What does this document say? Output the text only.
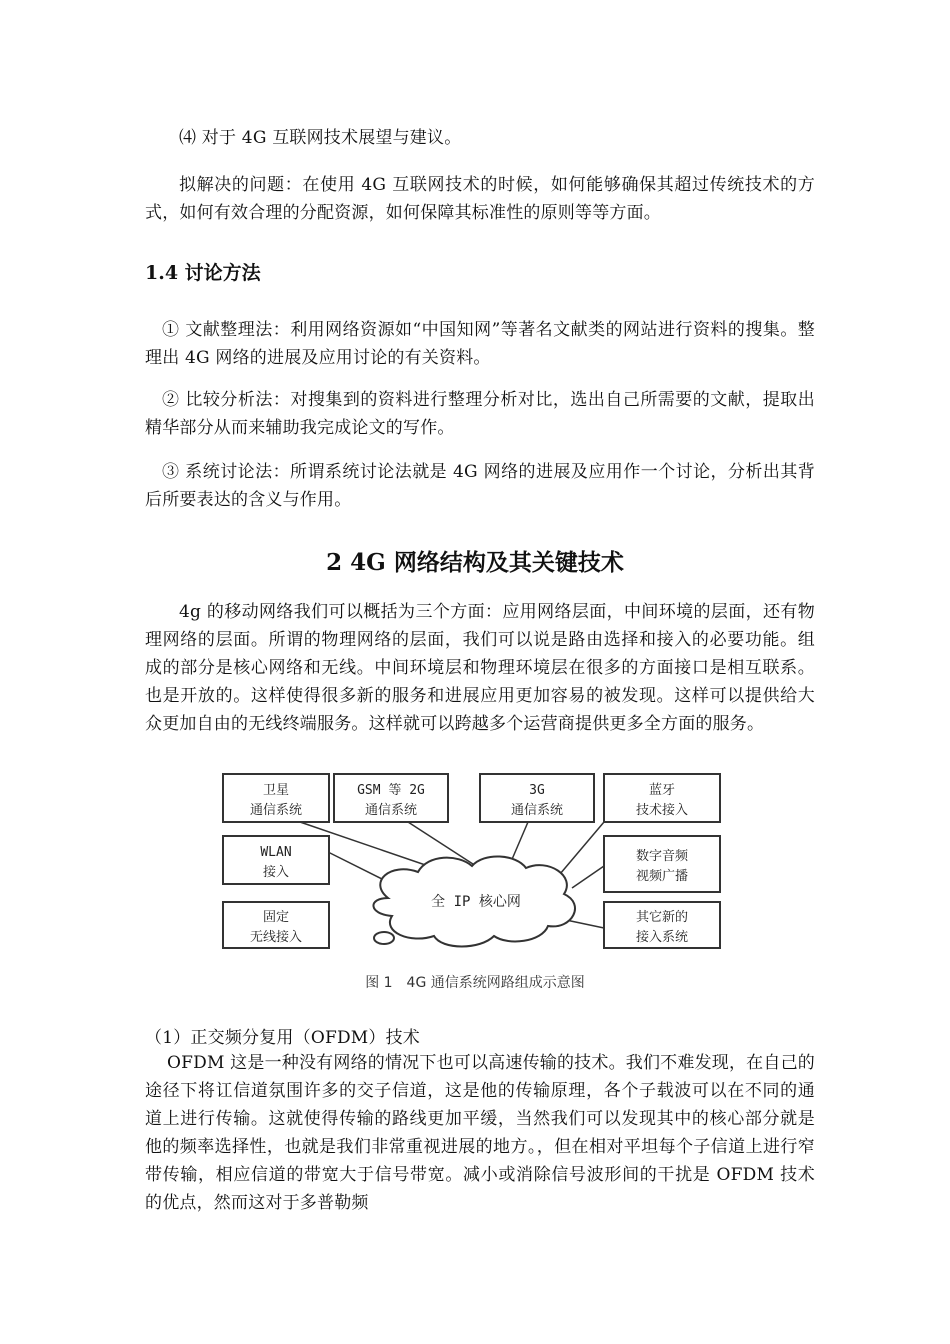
⑷ 对于 4G 互联网技术展望与建议。

拟解决的问题：在使用 4G 互联网技术的时候，如何能够确保其超过传统技术的方式，如何有效合理的分配资源，如何保障其标准性的原则等等方面。

1.4 讨论方法

① 文献整理法：利用网络资源如“中国知网”等著名文献类的网站进行资料的搜集。整理出 4G 网络的进展及应用讨论的有关资料。

② 比较分析法：对搜集到的资料进行整理分析对比，选出自己所需要的文献，提取出精华部分从而来辅助我完成论文的写作。

③ 系统讨论法：所谓系统讨论法就是 4G 网络的进展及应用作一个讨论，分析出其背后所要表达的含义与作用。

2 4G 网络结构及其关键技术

4g 的移动网络我们可以概括为三个方面：应用网络层面，中间环境的层面，还有物理网络的层面。所谓的物理网络的层面，我们可以说是路由选择和接入的必要功能。组成的部分是核心网络和无线。中间环境层和物理环境层在很多的方面接口是相互联系。也是开放的。这样使得很多新的服务和进展应用更加容易的被发现。这样可以提供给大众更加自由的无线终端服务。这样就可以跨越多个运营商提供更多全方面的服务。

全 IP 核心网
卫星
通信系统
GSM 等 2G
通信系统
3G
通信系统
蓝牙
技术接入
WLAN
接入
数字音频
视频广播
固定
无线接入
其它新的
接入系统
图 1　4G 通信系统网路组成示意图

（1）正交频分复用（OFDM）技术

OFDM 这是一种没有网络的情况下也可以高速传输的技术。我们不难发现，在自己的途径下将讧信道氛围许多的交子信道，这是他的传输原理，各个子载波可以在不同的通道上进行传输。这就使得传输的路线更加平缓，当然我们可以发现其中的核心部分就是他的频率选择性，也就是我们非常重视进展的地方。，但在相对平坦每个子信道上进行窄带传输，相应信道的带宽大于信号带宽。减小或消除信号波形间的干扰是 OFDM 技术的优点，然而这对于多普勒频
